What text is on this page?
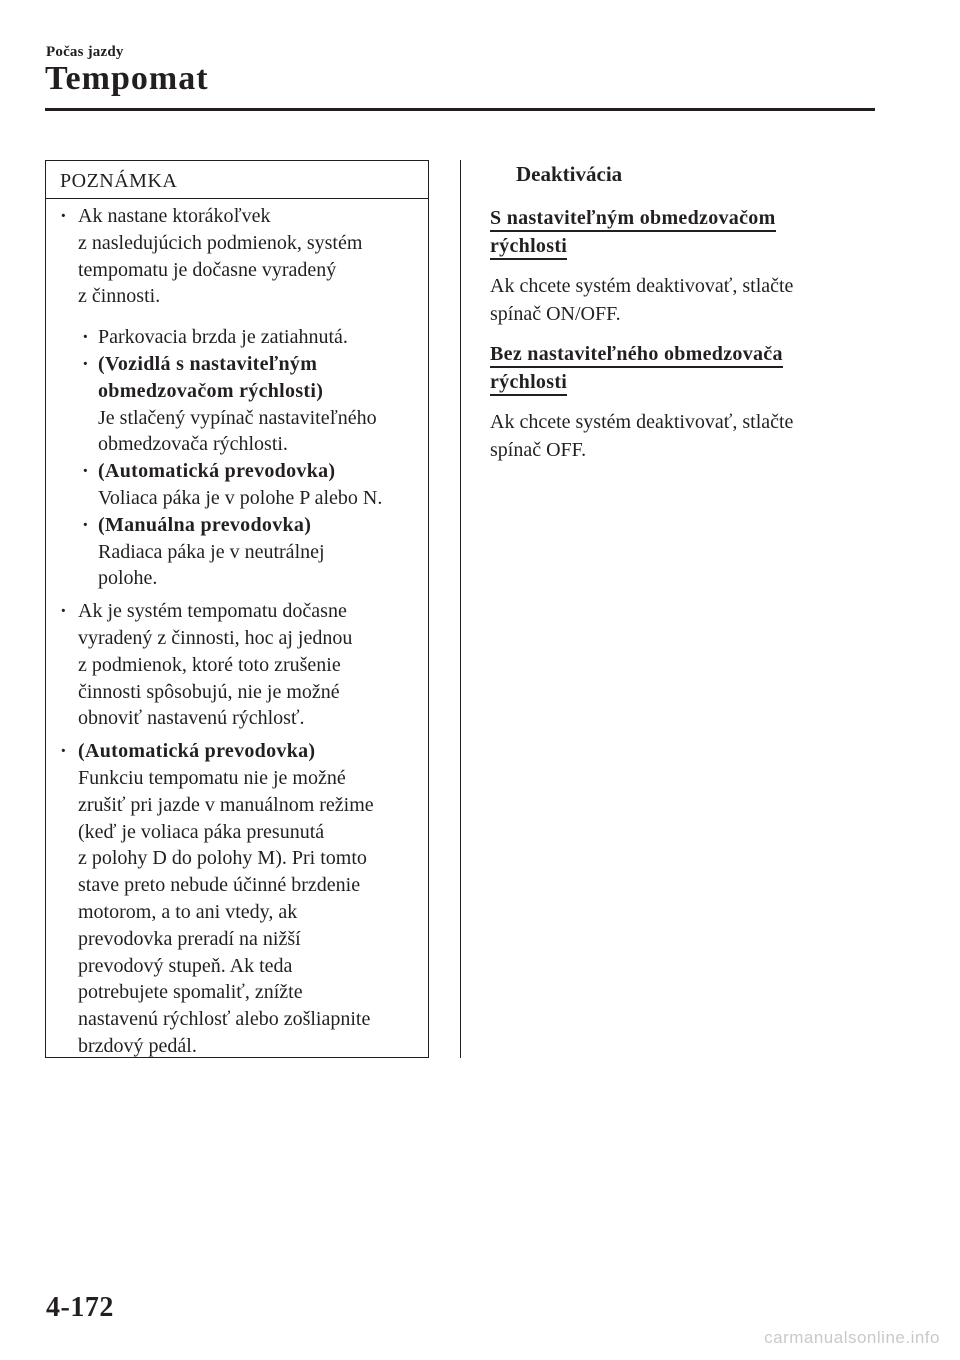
Počas jazdy
Tempomat
POZNÁMKA
· Ak nastane ktorákoľvek
z nasledujúcich podmienok, systém
tempomatu je dočasne vyradený
z činnosti.
· Parkovacia brzda je zatiahnutá.
· (Vozidlá s nastaviteľným
obmedzovačom rýchlosti)
Je stlačený vypínač nastaviteľného
obmedzovača rýchlosti.
· (Automatická prevodovka)
Voliaca páka je v polohe P alebo N.
· (Manuálna prevodovka)
Radiaca páka je v neutrálnej
polohe.
· Ak je systém tempomatu dočasne
vyradený z činnosti, hoc aj jednou
z podmienok, ktoré toto zrušenie
činnosti spôsobujú, nie je možné
obnoviť nastavenú rýchlosť.
· (Automatická prevodovka)
Funkciu tempomatu nie je možné
zrušiť pri jazde v manuálnom režime
(keď je voliaca páka presunutá
z polohy D do polohy M). Pri tomto
stave preto nebude účinné brzdenie
motorom, a to ani vtedy, ak
prevodovka preradí na nižší
prevodový stupeň. Ak teda
potrebujete spomaliť, znížte
nastavenú rýchlosť alebo zošliapnite
brzdový pedál.
Deaktivácia
S nastaviteľným obmedzovačom
rýchlosti
Ak chcete systém deaktivovať, stlačte
spínač ON/OFF.
Bez nastaviteľného obmedzovača
rýchlosti
Ak chcete systém deaktivovať, stlačte
spínač OFF.
4-172
carmanualsonline.info
